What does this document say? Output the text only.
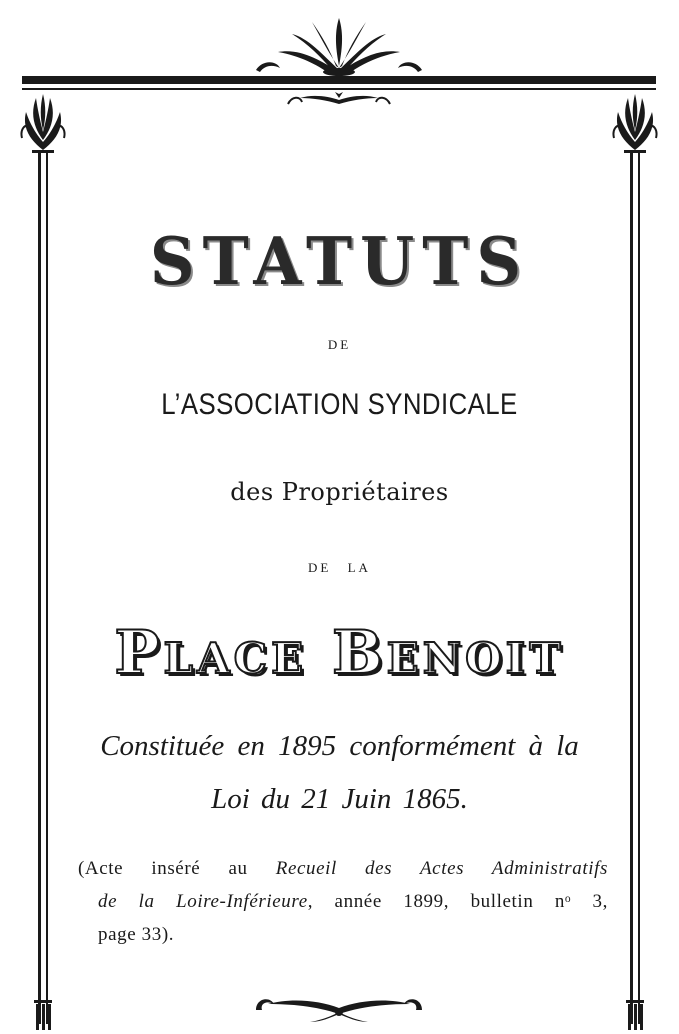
STATUTS
DE
L’ASSOCIATION SYNDICALE
des Propriétaires
DE LA
Place Benoit
Constituée en 1895 conformément à la
Loi du 21 Juin 1865.
(Acte inséré au Recueil des Actes Administratifs
de la Loire-Inférieure, année 1899, bulletin nᵒ 3,
page 33).
